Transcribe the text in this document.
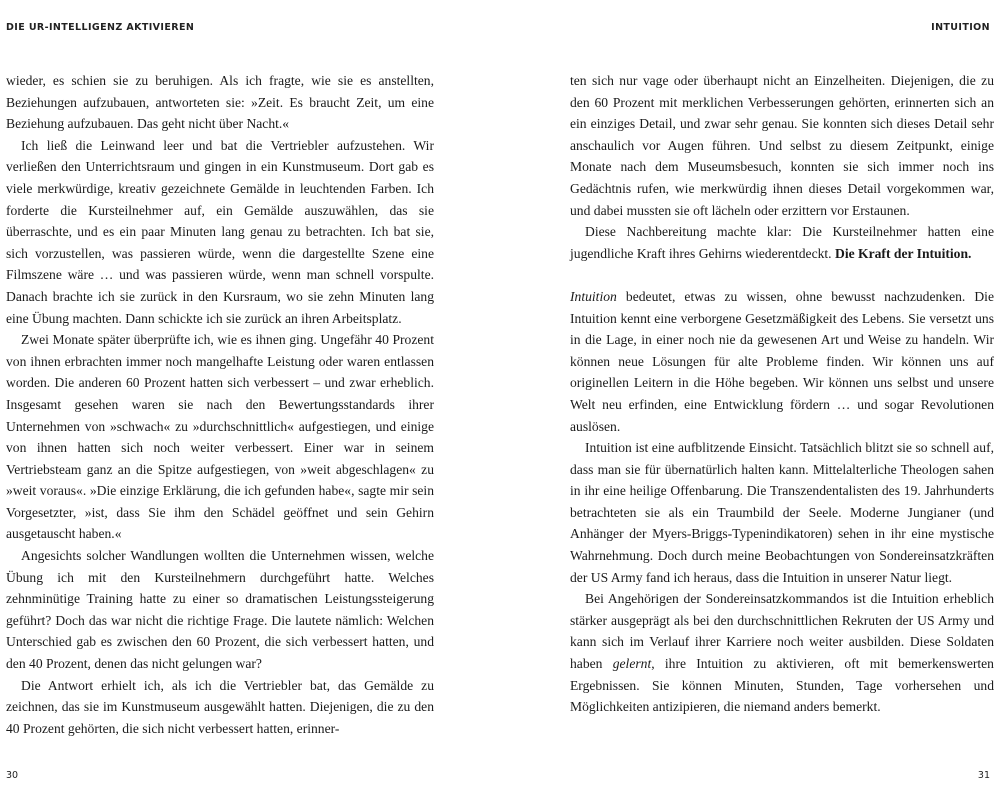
DIE UR-INTELLIGENZ AKTIVIEREN

wieder, es schien sie zu beruhigen. Als ich fragte, wie sie es anstellten, Beziehungen aufzubauen, antworteten sie: »Zeit. Es braucht Zeit, um eine Beziehung aufzubauen. Das geht nicht über Nacht.«

Ich ließ die Leinwand leer und bat die Vertriebler aufzustehen. Wir verließen den Unterrichtsraum und gingen in ein Kunstmuseum. Dort gab es viele merkwürdige, kreativ gezeichnete Gemälde in leuchtenden Farben. Ich forderte die Kursteilnehmer auf, ein Gemälde auszuwählen, das sie überraschte, und es ein paar Minuten lang genau zu betrachten. Ich bat sie, sich vorzustellen, was passieren würde, wenn die dargestellte Szene eine Filmszene wäre … und was passieren würde, wenn man schnell vorspulte. Danach brachte ich sie zurück in den Kursraum, wo sie zehn Minuten lang eine Übung machten. Dann schickte ich sie zurück an ihren Arbeitsplatz.

Zwei Monate später überprüfte ich, wie es ihnen ging. Ungefähr 40 Prozent von ihnen erbrachten immer noch mangelhafte Leistung oder waren entlassen worden. Die anderen 60 Prozent hatten sich verbessert – und zwar erheblich. Insgesamt gesehen waren sie nach den Bewertungsstandards ihrer Unternehmen von »schwach« zu »durchschnittlich« aufgestiegen, und einige von ihnen hatten sich noch weiter verbessert. Einer war in seinem Vertriebsteam ganz an die Spitze aufgestiegen, von »weit abgeschlagen« zu »weit voraus«. »Die einzige Erklärung, die ich gefunden habe«, sagte mir sein Vorgesetzter, »ist, dass Sie ihm den Schädel geöffnet und sein Gehirn ausgetauscht haben.«

Angesichts solcher Wandlungen wollten die Unternehmen wissen, welche Übung ich mit den Kursteilnehmern durchgeführt hatte. Welches zehnminütige Training hatte zu einer so dramatischen Leistungssteigerung geführt? Doch das war nicht die richtige Frage. Die lautete nämlich: Welchen Unterschied gab es zwischen den 60 Prozent, die sich verbessert hatten, und den 40 Prozent, denen das nicht gelungen war?

Die Antwort erhielt ich, als ich die Vertriebler bat, das Gemälde zu zeichnen, das sie im Kunstmuseum ausgewählt hatten. Diejenigen, die zu den 40 Prozent gehörten, die sich nicht verbessert hatten, erinner-

30
INTUITION

ten sich nur vage oder überhaupt nicht an Einzelheiten. Diejenigen, die zu den 60 Prozent mit merklichen Verbesserungen gehörten, erinnerten sich an ein einziges Detail, und zwar sehr genau. Sie konnten sich dieses Detail sehr anschaulich vor Augen führen. Und selbst zu diesem Zeitpunkt, einige Monate nach dem Museumsbesuch, konnten sie sich immer noch ins Gedächtnis rufen, wie merkwürdig ihnen dieses Detail vorgekommen war, und dabei mussten sie oft lächeln oder erzittern vor Erstaunen.

Diese Nachbereitung machte klar: Die Kursteilnehmer hatten eine jugendliche Kraft ihres Gehirns wiederentdeckt. Die Kraft der Intuition.

Intuition bedeutet, etwas zu wissen, ohne bewusst nachzudenken. Die Intuition kennt eine verborgene Gesetzmäßigkeit des Lebens. Sie versetzt uns in die Lage, in einer noch nie da gewesenen Art und Weise zu handeln. Wir können neue Lösungen für alte Probleme finden. Wir können uns auf originellen Leitern in die Höhe begeben. Wir können uns selbst und unsere Welt neu erfinden, eine Entwicklung fördern … und sogar Revolutionen auslösen.

Intuition ist eine aufblitzende Einsicht. Tatsächlich blitzt sie so schnell auf, dass man sie für übernatürlich halten kann. Mittelalterliche Theologen sahen in ihr eine heilige Offenbarung. Die Transzendentalisten des 19. Jahrhunderts betrachteten sie als ein Traumbild der Seele. Moderne Jungianer (und Anhänger der Myers-Briggs-Typenindikatoren) sehen in ihr eine mystische Wahrnehmung. Doch durch meine Beobachtungen von Sondereinsatzkräften der US Army fand ich heraus, dass die Intuition in unserer Natur liegt.

Bei Angehörigen der Sondereinsatzkommandos ist die Intuition erheblich stärker ausgeprägt als bei den durchschnittlichen Rekruten der US Army und kann sich im Verlauf ihrer Karriere noch weiter ausbilden. Diese Soldaten haben gelernt, ihre Intuition zu aktivieren, oft mit bemerkenswerten Ergebnissen. Sie können Minuten, Stunden, Tage vorhersehen und Möglichkeiten antizipieren, die niemand anders bemerkt.

31
